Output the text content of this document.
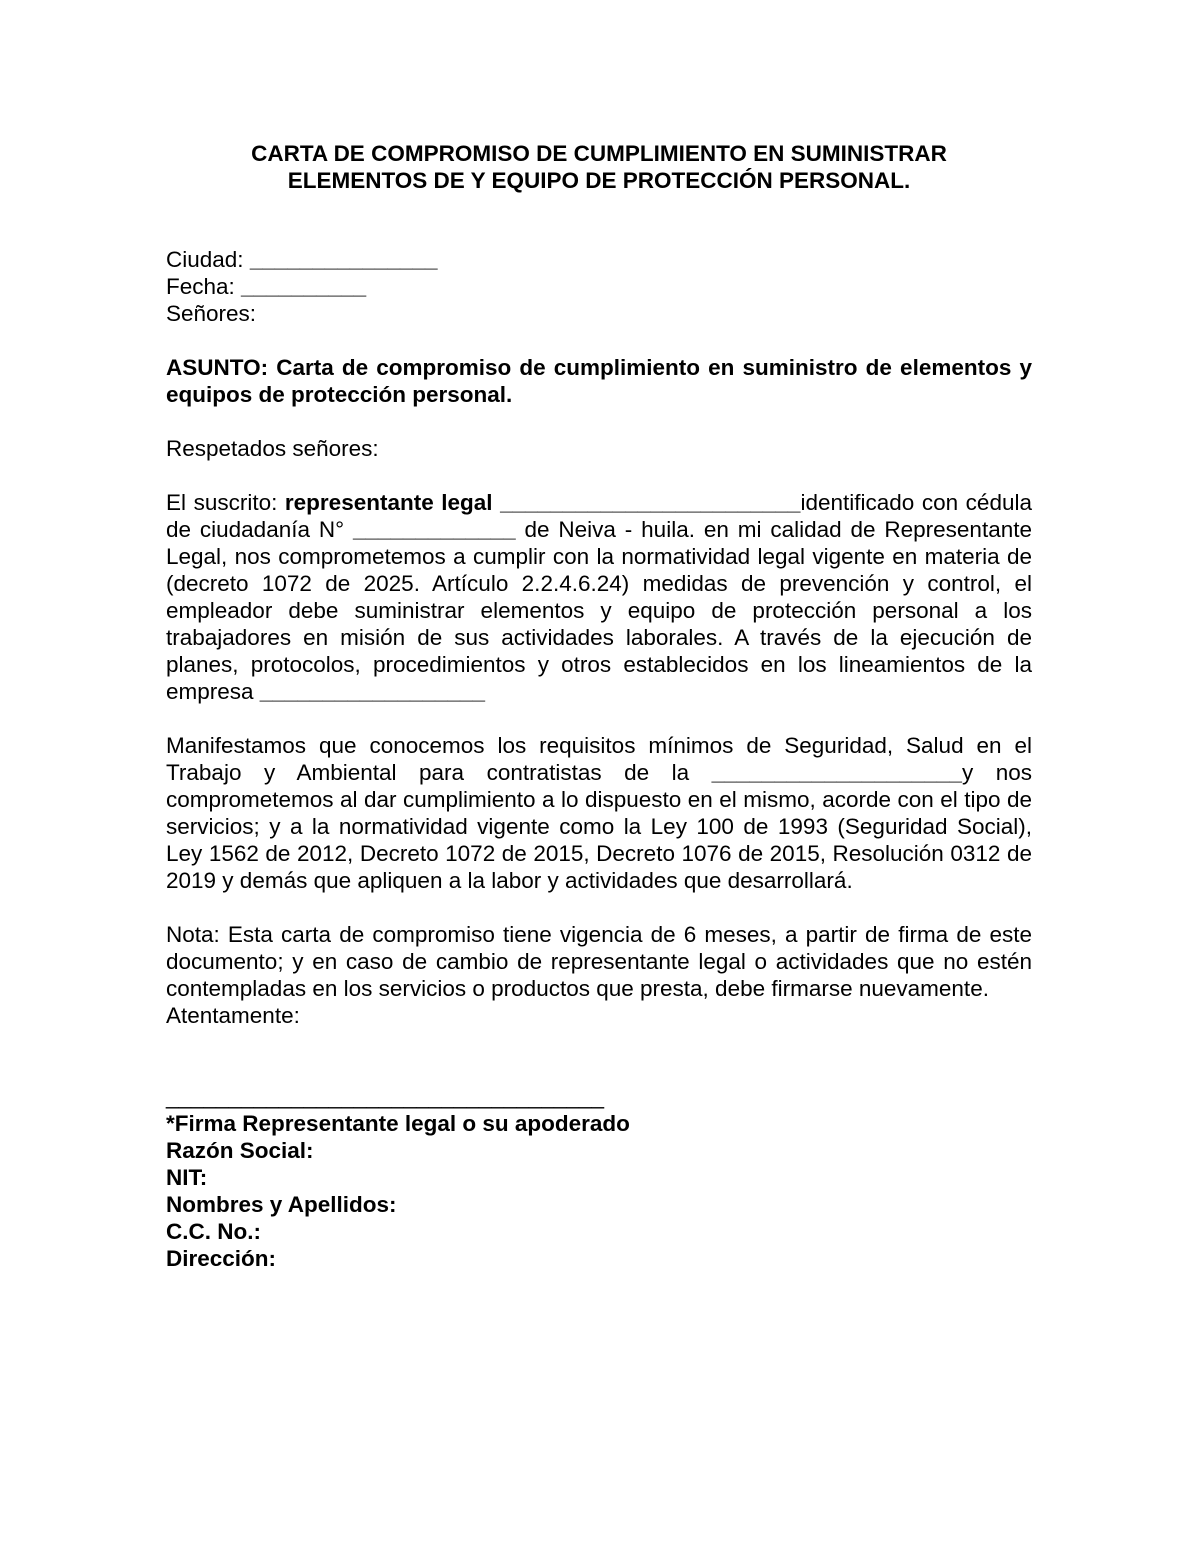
CARTA DE COMPROMISO DE CUMPLIMIENTO EN SUMINISTRAR

ELEMENTOS DE Y EQUIPO DE PROTECCIÓN PERSONAL.

Ciudad: _______________

Fecha: __________

Señores:

ASUNTO: Carta de compromiso de cumplimiento en suministro de elementos y equipos de protección personal.

Respetados señores:

El suscrito: representante legal ________________________identificado con cédula de ciudadanía N° _____________ de Neiva - huila. en mi calidad de Representante Legal, nos comprometemos a cumplir con la normatividad legal vigente en materia de (decreto 1072 de 2025. Artículo 2.2.4.6.24) medidas de prevención y control, el empleador debe suministrar elementos y equipo de protección personal a los trabajadores en misión de sus actividades laborales. A través de la ejecución de planes, protocolos, procedimientos y otros establecidos en los lineamientos de la empresa __________________

Manifestamos que conocemos los requisitos mínimos de Seguridad, Salud en el Trabajo y Ambiental para contratistas de la ____________________y nos comprometemos al dar cumplimiento a lo dispuesto en el mismo, acorde con el tipo de servicios; y a la normatividad vigente como la Ley 100 de 1993 (Seguridad Social), Ley 1562 de 2012, Decreto 1072 de 2015, Decreto 1076 de 2015, Resolución 0312 de 2019 y demás que apliquen a la labor y actividades que desarrollará.

Nota: Esta carta de compromiso tiene vigencia de 6 meses, a partir de firma de este documento; y en caso de cambio de representante legal o actividades que no estén contempladas en los servicios o productos que presta, debe firmarse nuevamente.

Atentamente:

___________________________________

*Firma Representante legal o su apoderado

Razón Social:

NIT:

Nombres y Apellidos:

C.C. No.:

Dirección:
